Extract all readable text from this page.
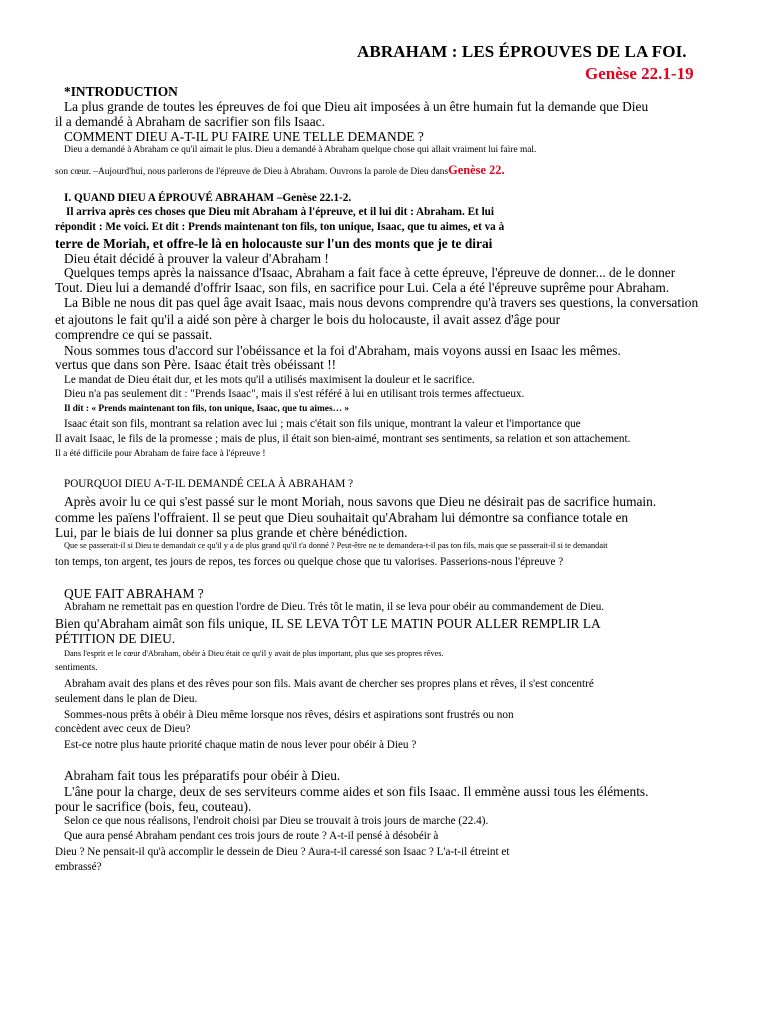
ABRAHAM : LES ÉPROUVES DE LA FOI.
Genèse 22.1-19
*INTRODUCTION
La plus grande de toutes les épreuves de foi que Dieu ait imposées à un être humain fut la demande que Dieu
il a demandé à Abraham de sacrifier son fils Isaac.
COMMENT DIEU A-T-IL PU FAIRE UNE TELLE DEMANDE ?
Dieu a demandé à Abraham ce qu'il aimait le plus. Dieu a demandé à Abraham quelque chose qui allait vraiment lui faire mal.
son cœur. –Aujourd'hui, nous parlerons de l'épreuve de Dieu à Abraham. Ouvrons la parole de Dieu dansGenèse 22.
I. QUAND DIEU A ÉPROUVÉ ABRAHAM –Genèse 22.1-2.
Il arriva après ces choses que Dieu mit Abraham à l'épreuve, et il lui dit : Abraham. Et lui
répondit : Me voici. Et dit : Prends maintenant ton fils, ton unique, Isaac, que tu aimes, et va à
terre de Moriah, et offre-le là en holocauste sur l'un des monts que je te dirai
Dieu était décidé à prouver la valeur d'Abraham !
Quelques temps après la naissance d'Isaac, Abraham a fait face à cette épreuve, l'épreuve de donner... de le donner
Tout. Dieu lui a demandé d'offrir Isaac, son fils, en sacrifice pour Lui. Cela a été l'épreuve suprême pour Abraham.
La Bible ne nous dit pas quel âge avait Isaac, mais nous devons comprendre qu'à travers ses questions, la conversation
et ajoutons le fait qu'il a aidé son père à charger le bois du holocauste, il avait assez d'âge pour
comprendre ce qui se passait.
Nous sommes tous d'accord sur l'obéissance et la foi d'Abraham, mais voyons aussi en Isaac les mêmes.
vertus que dans son Père. Isaac était très obéissant !!
Le mandat de Dieu était dur, et les mots qu'il a utilisés maximisent la douleur et le sacrifice.
Dieu n'a pas seulement dit : "Prends Isaac", mais il s'est référé à lui en utilisant trois termes affectueux.
Il dit : « Prends maintenant ton fils, ton unique, Isaac, que tu aimes… »
Isaac était son fils, montrant sa relation avec lui ; mais c'était son fils unique, montrant la valeur et l'importance que
Il avait Isaac, le fils de la promesse ; mais de plus, il était son bien-aimé, montrant ses sentiments, sa relation et son attachement.
Il a été difficile pour Abraham de faire face à l'épreuve !
POURQUOI DIEU A-T-IL DEMANDÉ CELA À ABRAHAM ?
Après avoir lu ce qui s'est passé sur le mont Moriah, nous savons que Dieu ne désirait pas de sacrifice humain.
comme les païens l'offraient. Il se peut que Dieu souhaitait qu'Abraham lui démontre sa confiance totale en
Lui, par le biais de lui donner sa plus grande et chère bénédiction.
Que se passerait-il si Dieu te demandait ce qu'il y a de plus grand qu'il t'a donné ? Peut-être ne te demandera-t-il pas ton fils, mais que se passerait-il si te demandait
ton temps, ton argent, tes jours de repos, tes forces ou quelque chose que tu valorises. Passerions-nous l'épreuve ?
QUE FAIT ABRAHAM ?
Abraham ne remettait pas en question l'ordre de Dieu. Très tôt le matin, il se leva pour obéir au commandement de Dieu.
Bien qu'Abraham aimât son fils unique, IL SE LEVA TÔT LE MATIN POUR ALLER REMPLIR LA
PÉTITION DE DIEU.
Dans l'esprit et le cœur d'Abraham, obéir à Dieu était ce qu'il y avait de plus important, plus que ses propres rêves.
sentiments.
Abraham avait des plans et des rêves pour son fils. Mais avant de chercher ses propres plans et rêves, il s'est concentré
seulement dans le plan de Dieu.
Sommes-nous prêts à obéir à Dieu même lorsque nos rêves, désirs et aspirations sont frustrés ou non
concèdent avec ceux de Dieu?
Est-ce notre plus haute priorité chaque matin de nous lever pour obéir à Dieu ?
Abraham fait tous les préparatifs pour obéir à Dieu.
L'âne pour la charge, deux de ses serviteurs comme aides et son fils Isaac. Il emmène aussi tous les éléments.
pour le sacrifice (bois, feu, couteau).
Selon ce que nous réalisons, l'endroit choisi par Dieu se trouvait à trois jours de marche (22.4).
Que aura pensé Abraham pendant ces trois jours de route ? A-t-il pensé à désobéir à
Dieu ? Ne pensait-il qu'à accomplir le dessein de Dieu ? Aura-t-il caressé son Isaac ? L'a-t-il étreint et
embrassé?
